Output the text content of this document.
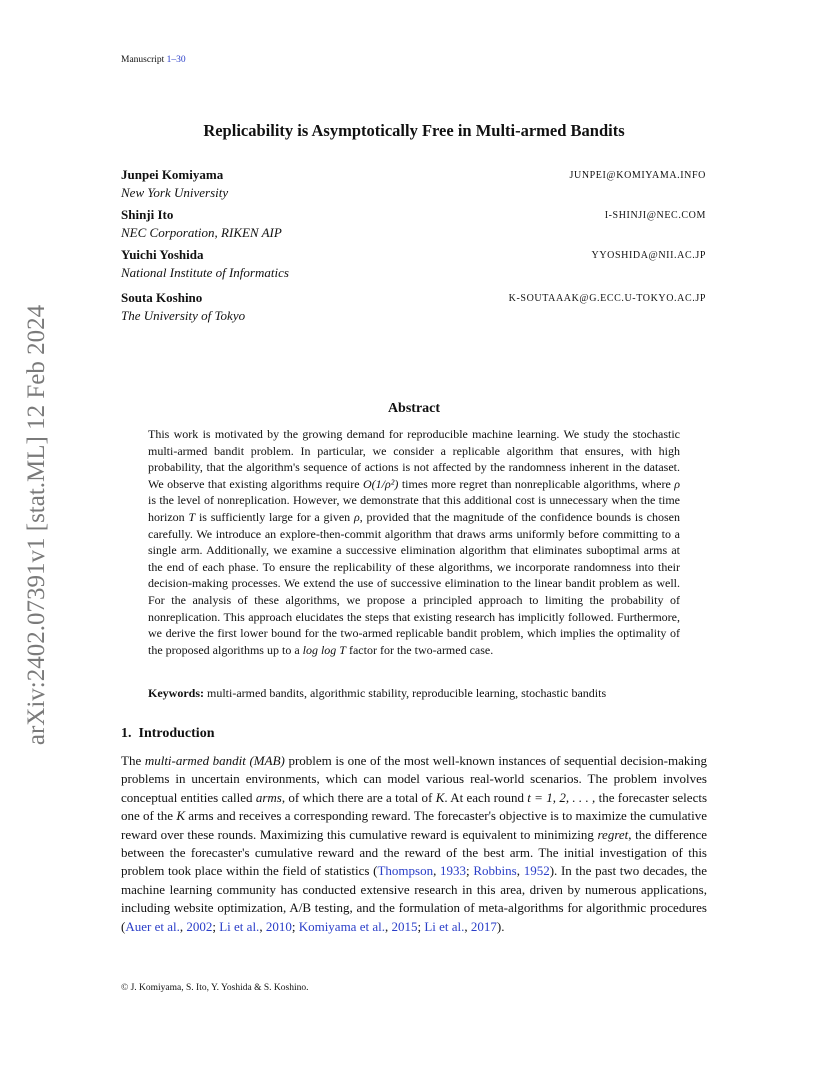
Manuscript 1–30
arXiv:2402.07391v1 [stat.ML] 12 Feb 2024
Replicability is Asymptotically Free in Multi-armed Bandits
Junpei Komiyama
New York University
JUNPEI@KOMIYAMA.INFO
Shinji Ito
NEC Corporation, RIKEN AIP
I-SHINJI@NEC.COM
Yuichi Yoshida
National Institute of Informatics
YYOSHIDA@NII.AC.JP
Souta Koshino
The University of Tokyo
K-SOUTAAAK@G.ECC.U-TOKYO.AC.JP
Abstract
This work is motivated by the growing demand for reproducible machine learning. We study the stochastic multi-armed bandit problem. In particular, we consider a replicable algorithm that ensures, with high probability, that the algorithm's sequence of actions is not affected by the randomness inherent in the dataset. We observe that existing algorithms require O(1/ρ²) times more regret than nonreplicable algorithms, where ρ is the level of nonreplication. However, we demonstrate that this additional cost is unnecessary when the time horizon T is sufficiently large for a given ρ, provided that the magnitude of the confidence bounds is chosen carefully. We introduce an explore-then-commit algorithm that draws arms uniformly before committing to a single arm. Additionally, we examine a successive elimination algorithm that eliminates suboptimal arms at the end of each phase. To ensure the replicability of these algorithms, we incorporate randomness into their decision-making processes. We extend the use of successive elimination to the linear bandit problem as well. For the analysis of these algorithms, we propose a principled approach to limiting the probability of nonreplication. This approach elucidates the steps that existing research has implicitly followed. Furthermore, we derive the first lower bound for the two-armed replicable bandit problem, which implies the optimality of the proposed algorithms up to a log log T factor for the two-armed case.
Keywords: multi-armed bandits, algorithmic stability, reproducible learning, stochastic bandits
1. Introduction
The multi-armed bandit (MAB) problem is one of the most well-known instances of sequential decision-making problems in uncertain environments, which can model various real-world scenarios. The problem involves conceptual entities called arms, of which there are a total of K. At each round t = 1, 2, . . . , the forecaster selects one of the K arms and receives a corresponding reward. The forecaster's objective is to maximize the cumulative reward over these rounds. Maximizing this cumulative reward is equivalent to minimizing regret, the difference between the forecaster's cumulative reward and the reward of the best arm. The initial investigation of this problem took place within the field of statistics (Thompson, 1933; Robbins, 1952). In the past two decades, the machine learning community has conducted extensive research in this area, driven by numerous applications, including website optimization, A/B testing, and the formulation of meta-algorithms for algorithmic procedures (Auer et al., 2002; Li et al., 2010; Komiyama et al., 2015; Li et al., 2017).
© J. Komiyama, S. Ito, Y. Yoshida & S. Koshino.
